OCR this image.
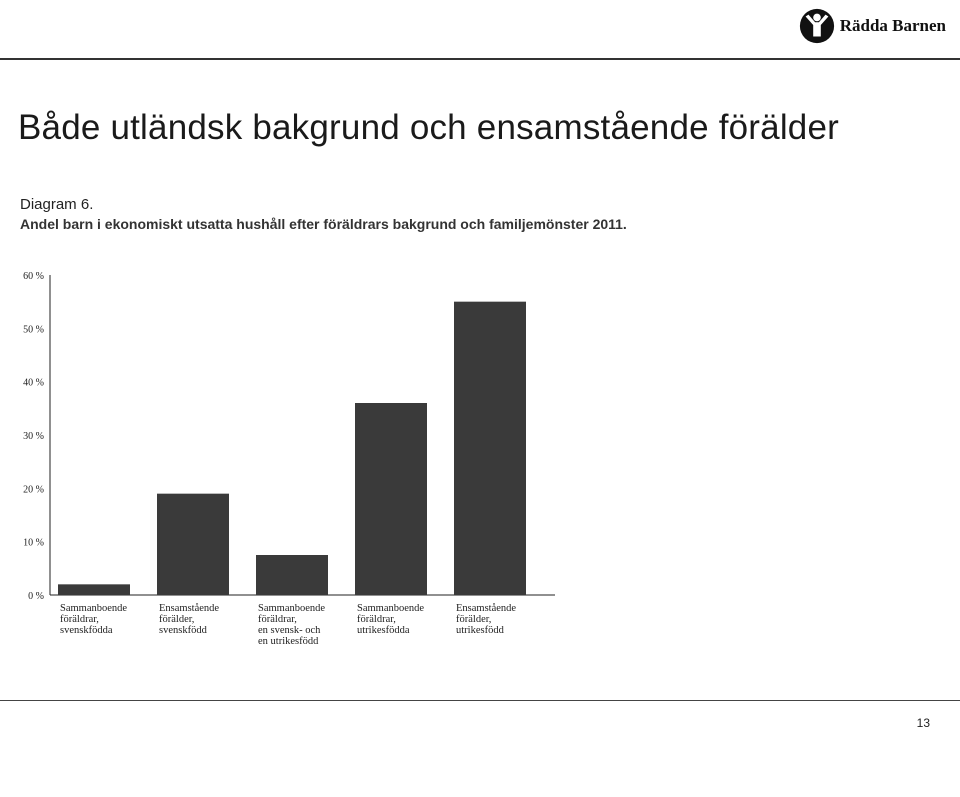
Rädda Barnen
Både utländsk bakgrund och ensamstående förälder
Diagram 6.
Andel barn i ekonomiskt utsatta hushåll efter föräldrars bakgrund och familjemönster 2011.
0 %
10 %
20 %
30 %
40 %
50 %
60 %
Sammanboende
föräldrar,
svenskfödda
Ensamstående
förälder,
svenskfödd
Sammanboende
föräldrar,
en svensk- och
en utrikesfödd
Sammanboende
föräldrar,
utrikesfödda
Ensamstående
förälder,
utrikesfödd
13
